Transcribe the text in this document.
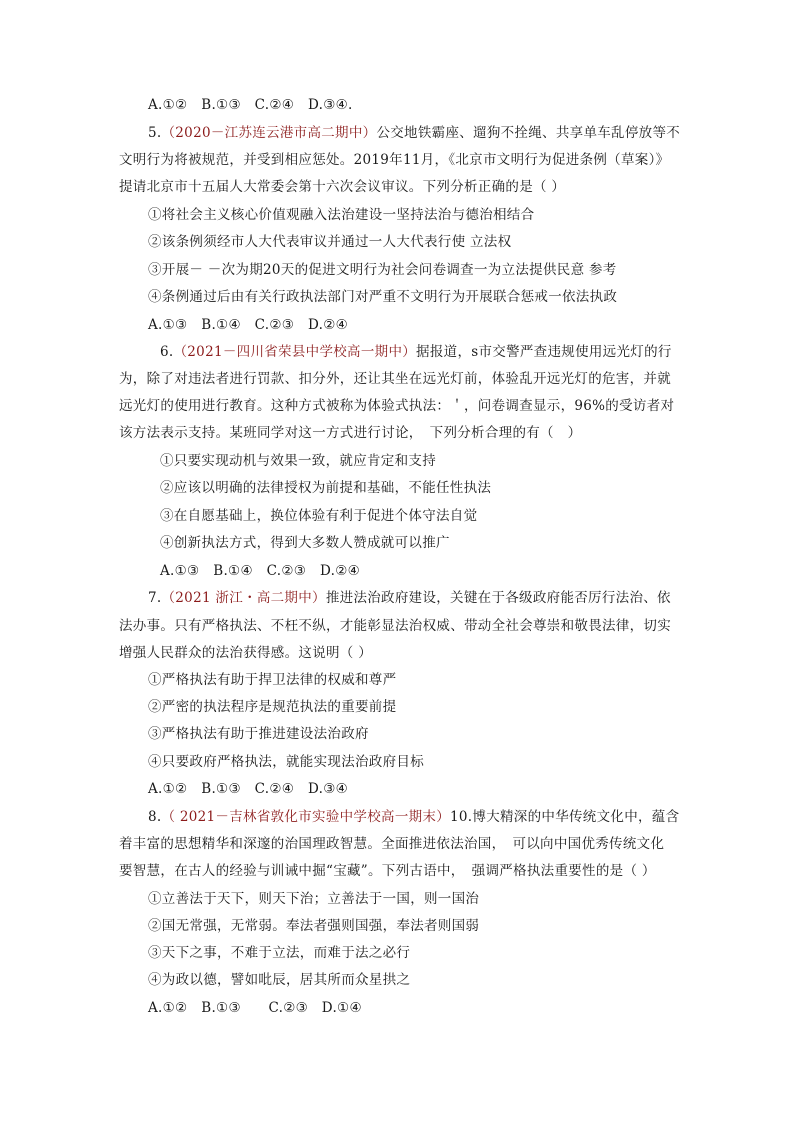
A.①②　B.①③　C.②④　D.③④.
5.（2020－江苏连云港市高二期中）公交地铁霸座、遛狗不拴绳、共享单车乱停放等不
文明行为将被规范，并受到相应惩处。2019年11月，《北京市文明行为促进条例（草案）》
提请北京市十五届人大常委会第十六次会议审议。下列分析正确的是（ ）
①将社会主义核心价值观融入法治建设一坚持法治与德治相结合
②该条例须经市人大代表审议并通过一人大代表行使 立法权
③开展－ －次为期20天的促进文明行为社会问卷调查一为立法提供民意 参考
④条例通过后由有关行政执法部门对严重不文明行为开展联合惩戒一依法执政
A.①③　B.①④　C.②③　D.②④
6.（2021－四川省荣县中学校高一期中）据报道，s市交警严查违规使用远光灯的行
为，除了对违法者进行罚款、扣分外，还让其坐在远光灯前，体验乱开远光灯的危害，并就
远光灯的使用进行教育。这种方式被称为体验式执法：＇，问卷调查显示，96%的受访者对
该方法表示支持。某班同学对这一方式进行讨论，　下列分析合理的有（　）
①只要实现动机与效果一致，就应肯定和支持
②应该以明确的法律授权为前提和基础，不能任性执法
③在自愿基础上，换位体验有利于促进个体守法自觉
④创新执法方式，得到大多数人赞成就可以推广
A.①③　B.①④　C.②③　D.②④
7.（2021 浙江・高二期中）推进法治政府建设，关键在于各级政府能否厉行法治、依
法办事。只有严格执法、不枉不纵，才能彰显法治权威、带动全社会尊崇和敬畏法律，切实
增强人民群众的法治获得感。这说明（ ）
①严格执法有助于捍卫法律的权威和尊严
②严密的执法程序是规范执法的重要前提
③严格执法有助于推进建设法治政府
④只要政府严格执法，就能实现法治政府目标
A.①②　B.①③　C.②④　D.③④
8.（ 2021－吉林省敦化市实验中学校高一期末）10.博大精深的中华传统文化中，蕴含
着丰富的思想精华和深邃的治国理政智慧。全面推进依法治国，　可以向中国优秀传统文化
要智慧，在古人的经验与训诫中掘“宝藏”。下列古语中，　强调严格执法重要性的是（ ）
①立善法于天下，则天下治；立善法于一国，则一国治
②国无常强，无常弱。奉法者强则国强，奉法者则国弱
③天下之事，不难于立法，而难于法之必行
④为政以德，譬如吡辰，居其所而众星拱之
A.①②　B.①③　　C.②③　D.①④
